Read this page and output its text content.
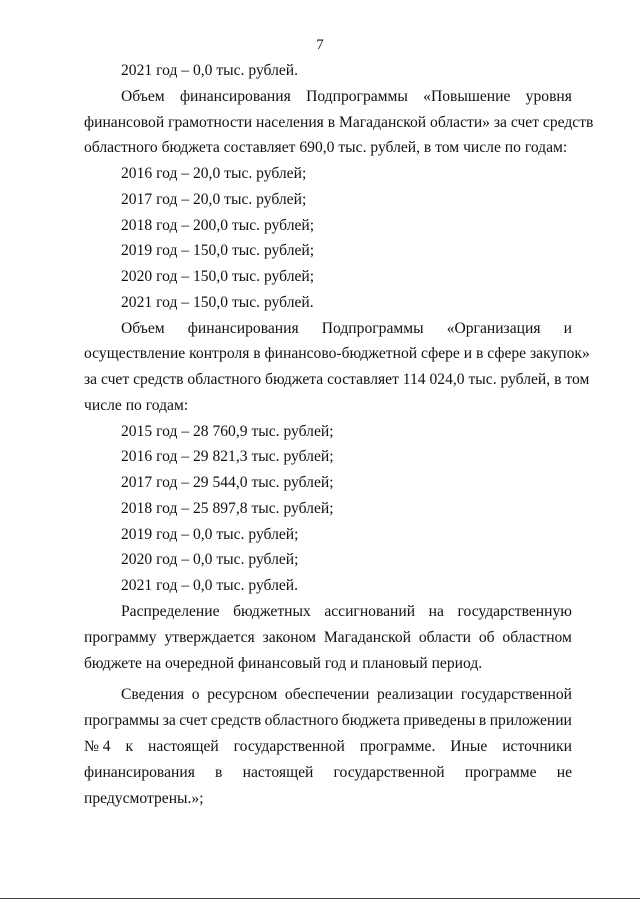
7
2021 год – 0,0 тыс. рублей.
Объем финансирования Подпрограммы «Повышение уровня
финансовой грамотности населения в Магаданской области» за счет средств
областного бюджета составляет 690,0 тыс. рублей, в том числе по годам:
2016 год – 20,0 тыс. рублей;
2017 год – 20,0 тыс. рублей;
2018 год – 200,0 тыс. рублей;
2019 год – 150,0 тыс. рублей;
2020 год – 150,0 тыс. рублей;
2021 год – 150,0 тыс. рублей.
Объем финансирования Подпрограммы «Организация и
осуществление контроля в финансово-бюджетной сфере и в сфере закупок»
за счет средств областного бюджета составляет 114 024,0 тыс. рублей, в том
числе по годам:
2015 год – 28 760,9 тыс. рублей;
2016 год – 29 821,3 тыс. рублей;
2017 год – 29 544,0 тыс. рублей;
2018 год – 25 897,8 тыс. рублей;
2019 год – 0,0 тыс. рублей;
2020 год – 0,0 тыс. рублей;
2021 год – 0,0 тыс. рублей.
Распределение бюджетных ассигнований на государственную
программу утверждается законом Магаданской области об областном
бюджете на очередной финансовый год и плановый период.
Сведения о ресурсном обеспечении реализации государственной
программы за счет средств областного бюджета приведены в приложении
№ 4 к настоящей государственной программе. Иные источники
финансирования в настоящей государственной программе не
предусмотрены.»;
